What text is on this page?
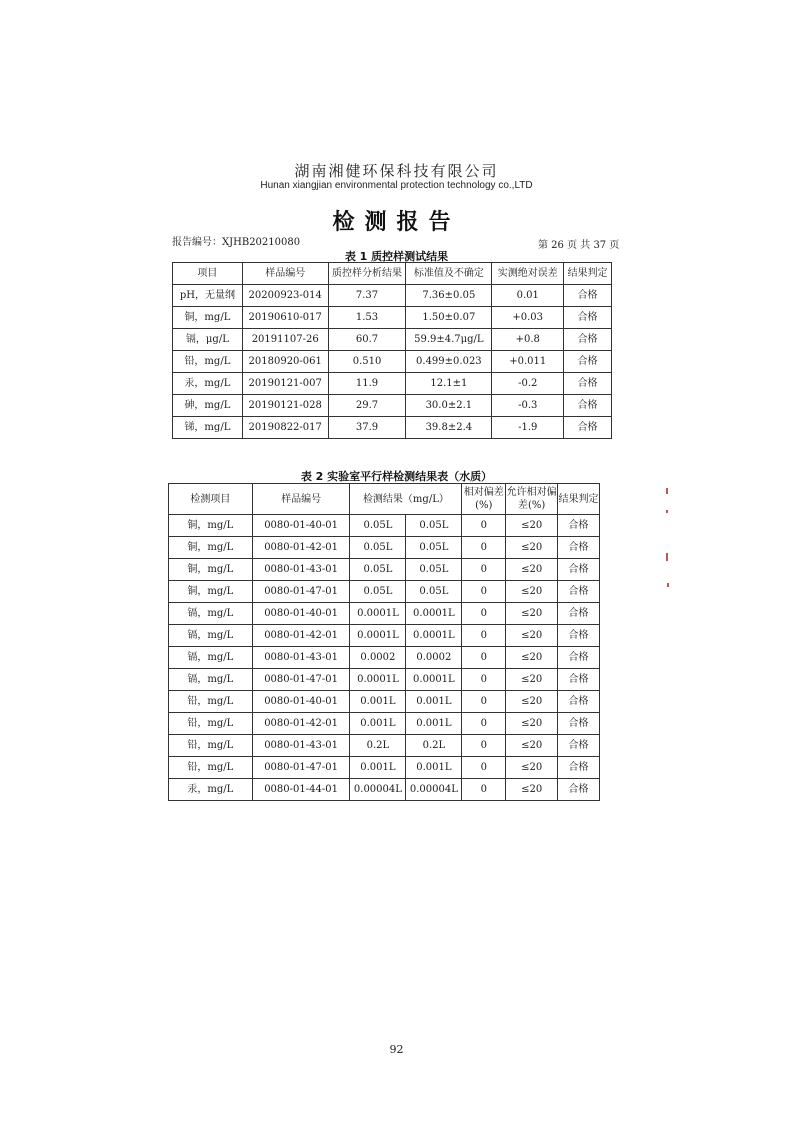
湖南湘健环保科技有限公司
Hunan xiangjian environmental protection technology co.,LTD
检测报告
报告编号：XJHB20210080	第 26 页 共 37 页
表 1 质控样测试结果
项目	样品编号	质控样分析结果	标准值及不确定	实测绝对误差	结果判定
pH，无量纲	20200923-014	7.37	7.36±0.05	0.01	合格
铜，mg/L	20190610-017	1.53	1.50±0.07	+0.03	合格
镉，μg/L	20191107-26	60.7	59.9±4.7μg/L	+0.8	合格
铅，mg/L	20180920-061	0.510	0.499±0.023	+0.011	合格
汞，mg/L	20190121-007	11.9	12.1±1	-0.2	合格
砷，mg/L	20190121-028	29.7	30.0±2.1	-0.3	合格
锑，mg/L	20190822-017	37.9	39.8±2.4	-1.9	合格
表 2 实验室平行样检测结果表（水质）
检测项目	样品编号	检测结果（mg/L）		相对偏差(%)	允许相对偏差(%)	结果判定
铜，mg/L	0080-01-40-01	0.05L	0.05L	0	≤20	合格
铜，mg/L	0080-01-42-01	0.05L	0.05L	0	≤20	合格
铜，mg/L	0080-01-43-01	0.05L	0.05L	0	≤20	合格
铜，mg/L	0080-01-47-01	0.05L	0.05L	0	≤20	合格
镉，mg/L	0080-01-40-01	0.0001L	0.0001L	0	≤20	合格
镉，mg/L	0080-01-42-01	0.0001L	0.0001L	0	≤20	合格
镉，mg/L	0080-01-43-01	0.0002	0.0002	0	≤20	合格
镉，mg/L	0080-01-47-01	0.0001L	0.0001L	0	≤20	合格
铅，mg/L	0080-01-40-01	0.001L	0.001L	0	≤20	合格
铅，mg/L	0080-01-42-01	0.001L	0.001L	0	≤20	合格
铅，mg/L	0080-01-43-01	0.2L	0.2L	0	≤20	合格
铅，mg/L	0080-01-47-01	0.001L	0.001L	0	≤20	合格
汞，mg/L	0080-01-44-01	0.00004L	0.00004L	0	≤20	合格
92
